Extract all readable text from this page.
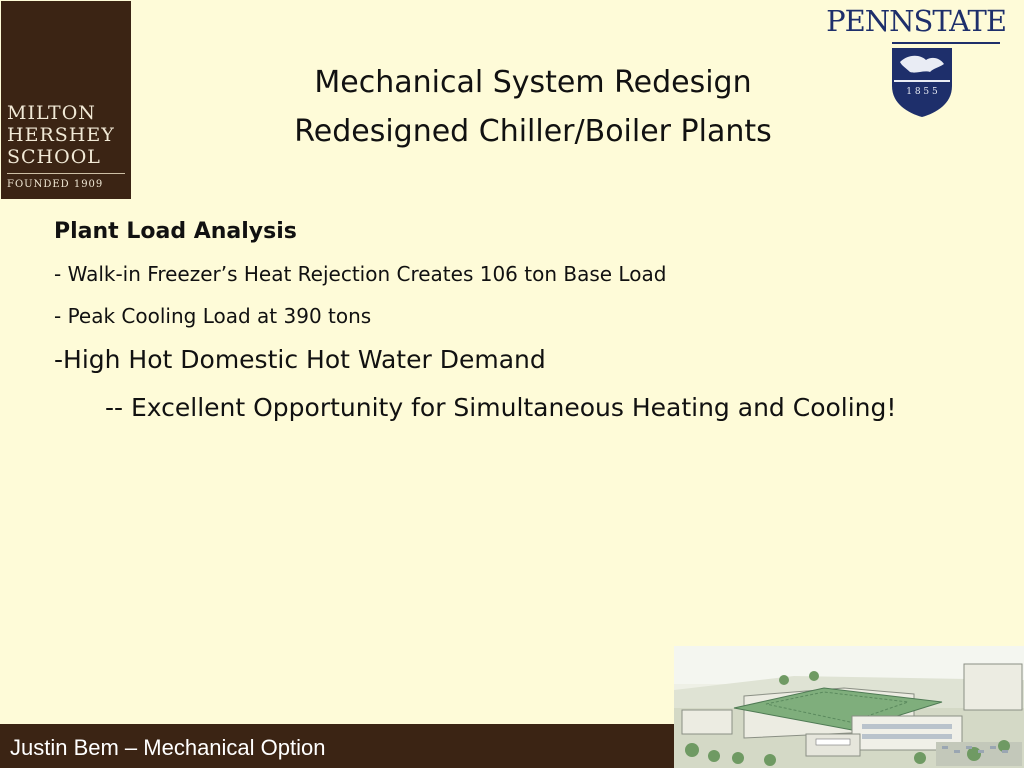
MILTON
HERSHEY
SCHOOL
FOUNDED 1909
PENNSTATE
1 8 5 5
Mechanical System Redesign
Redesigned Chiller/Boiler Plants
Plant Load Analysis
- Walk-in Freezer’s Heat Rejection Creates 106 ton Base Load
- Peak Cooling Load at 390 tons
-High Hot Domestic Hot Water Demand
-- Excellent Opportunity for Simultaneous Heating and Cooling!
Justin Bem – Mechanical Option
